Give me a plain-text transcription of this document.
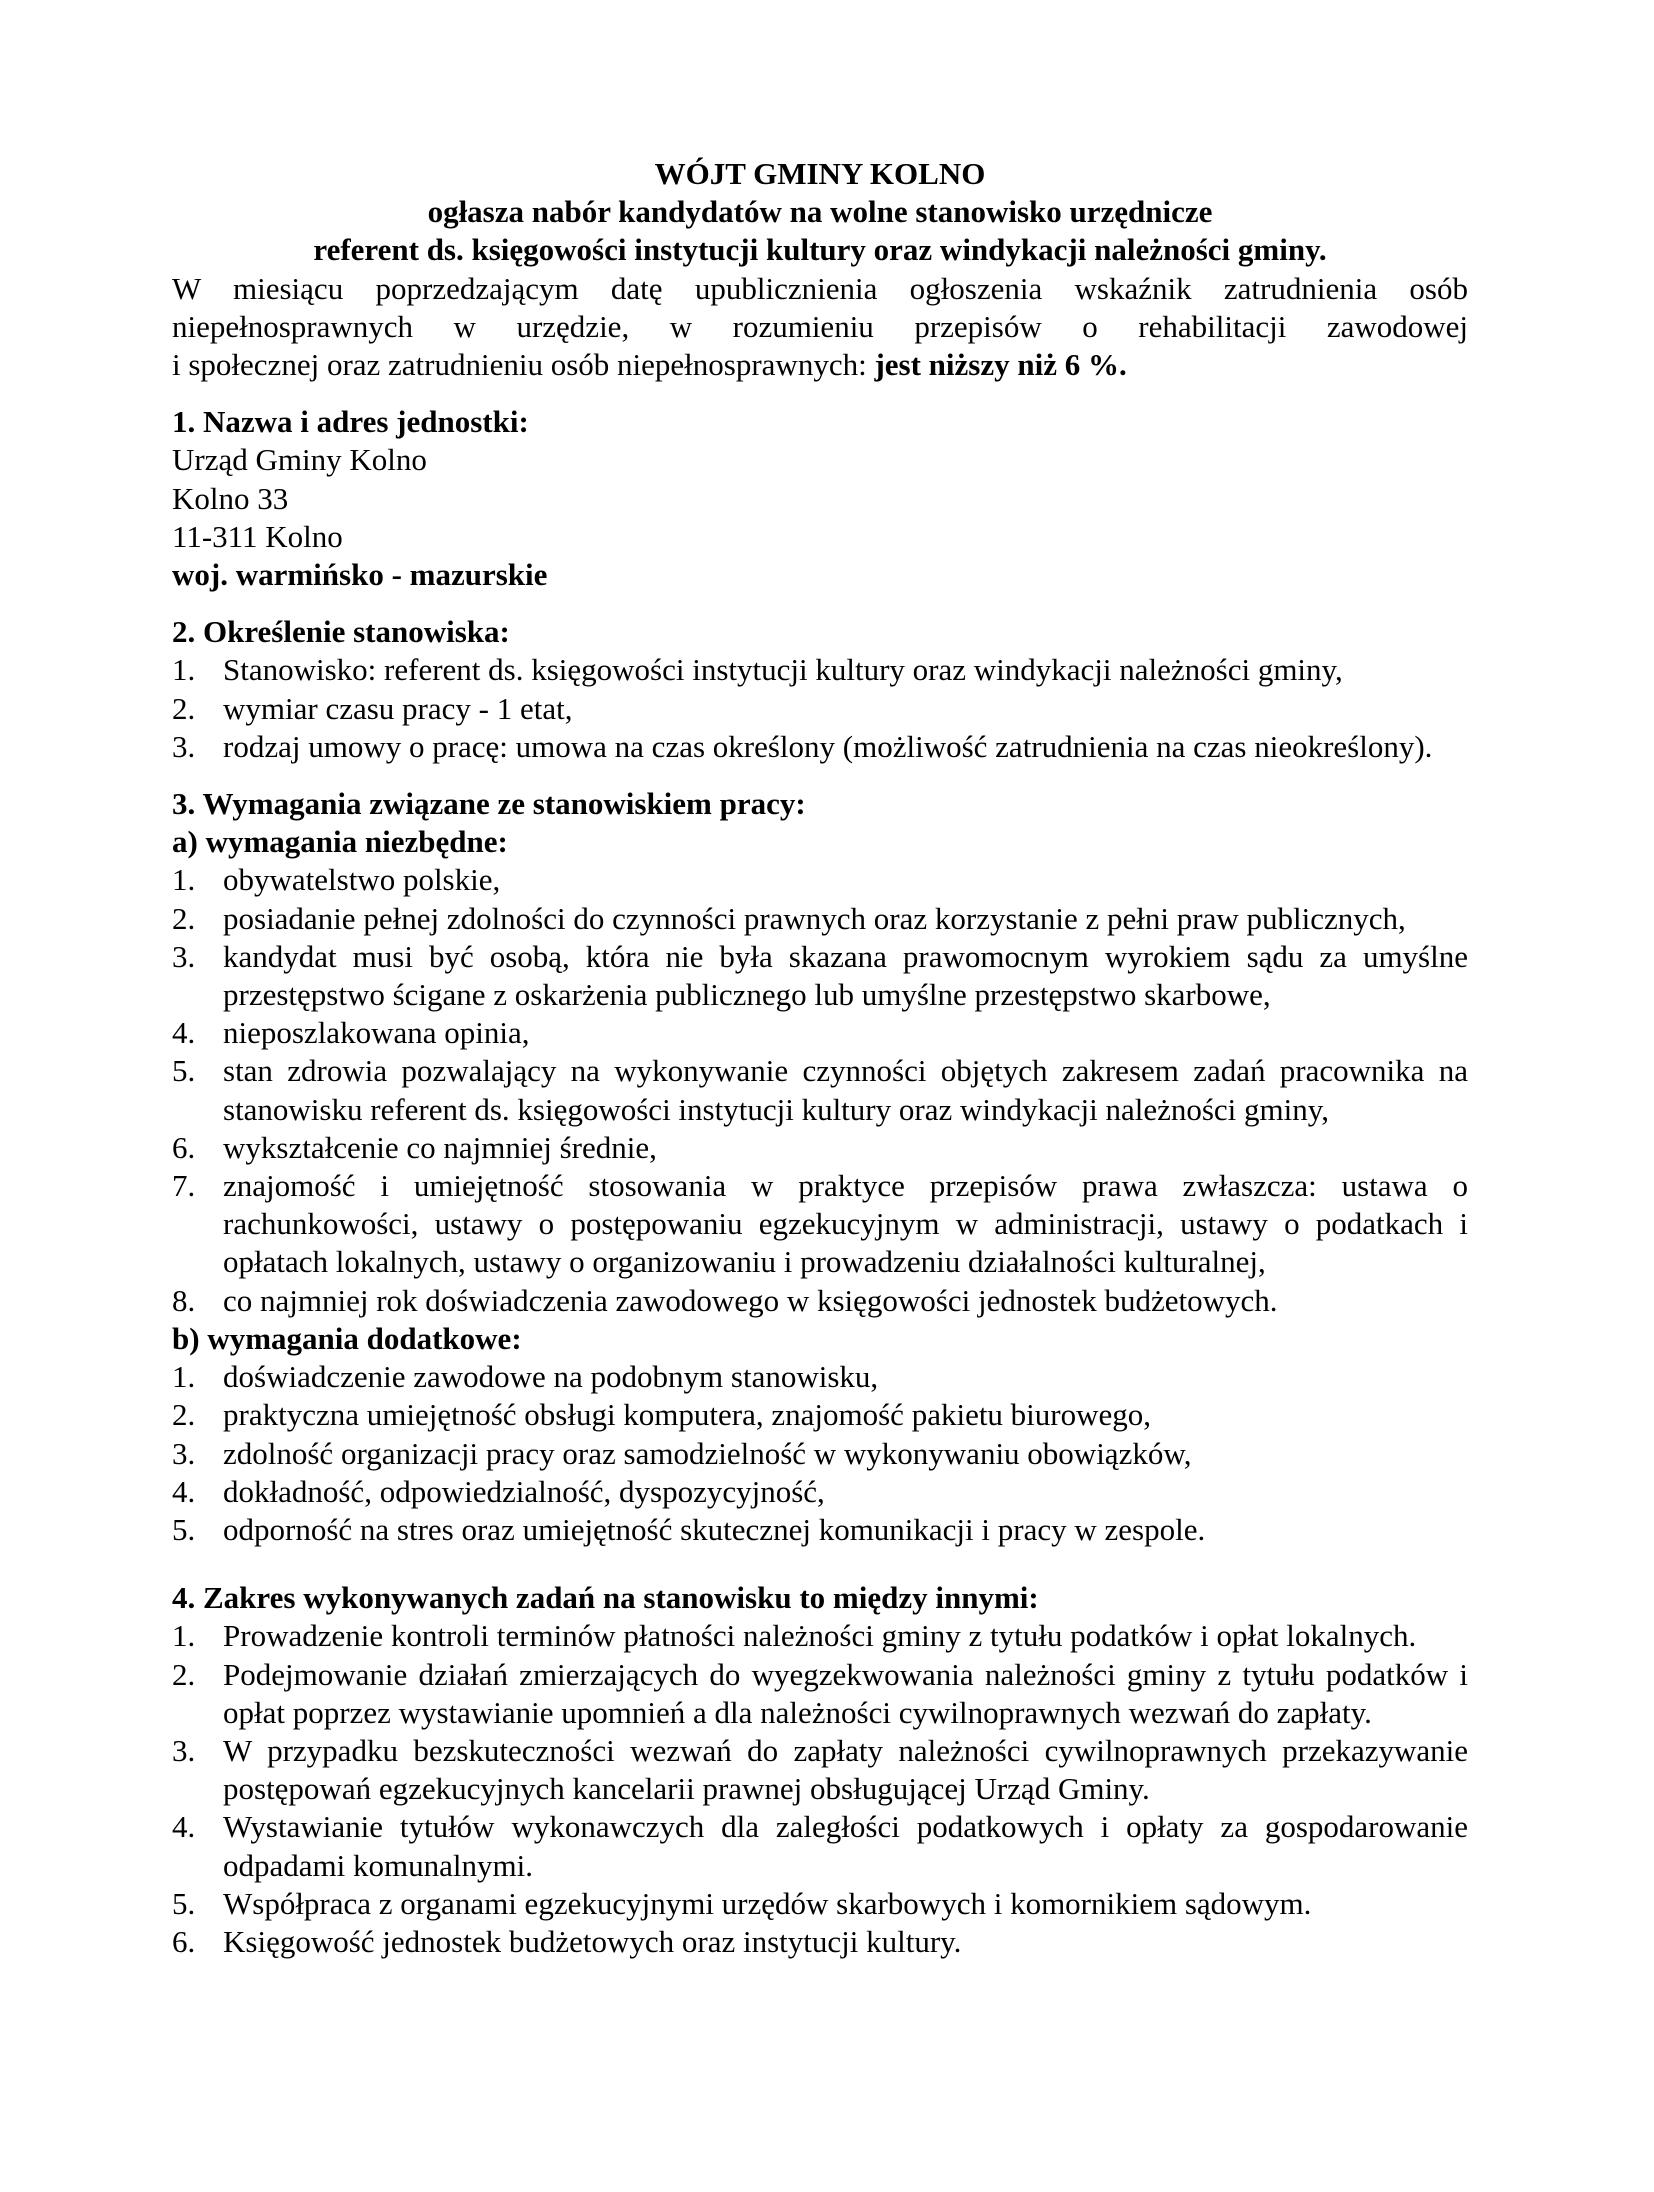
WÓJT GMINY KOLNO
ogłasza nabór kandydatów na wolne stanowisko urzędnicze
referent ds. księgowości instytucji kultury oraz windykacji należności gminy.
W miesiącu poprzedzającym datę upublicznienia ogłoszenia wskaźnik zatrudnienia osób
niepełnosprawnych w urzędzie, w rozumieniu przepisów o rehabilitacji zawodowej
i społecznej oraz zatrudnieniu osób niepełnosprawnych: jest niższy niż 6 %.
1. Nazwa i adres jednostki:
Urząd Gminy Kolno
Kolno 33
11-311 Kolno
woj. warmińsko - mazurskie
2. Określenie stanowiska:
1. Stanowisko: referent ds. księgowości instytucji kultury oraz windykacji należności gminy,
2. wymiar czasu pracy - 1 etat,
3. rodzaj umowy o pracę: umowa na czas określony (możliwość zatrudnienia na czas nieokreślony).
3. Wymagania związane ze stanowiskiem pracy:
a) wymagania niezbędne:
1. obywatelstwo polskie,
2. posiadanie pełnej zdolności do czynności prawnych oraz korzystanie z pełni praw publicznych,
3. kandydat musi być osobą, która nie była skazana prawomocnym wyrokiem sądu za umyślne przestępstwo ścigane z oskarżenia publicznego lub umyślne przestępstwo skarbowe,
4. nieposzlakowana opinia,
5. stan zdrowia pozwalający na wykonywanie czynności objętych zakresem zadań pracownika na stanowisku referent ds. księgowości instytucji kultury oraz windykacji należności gminy,
6. wykształcenie co najmniej średnie,
7. znajomość i umiejętność stosowania w praktyce przepisów prawa zwłaszcza: ustawa o rachunkowości, ustawy o postępowaniu egzekucyjnym w administracji, ustawy o podatkach i opłatach lokalnych, ustawy o organizowaniu i prowadzeniu działalności kulturalnej,
8. co najmniej rok doświadczenia zawodowego w księgowości jednostek budżetowych.
b) wymagania dodatkowe:
1. doświadczenie zawodowe na podobnym stanowisku,
2. praktyczna umiejętność obsługi komputera, znajomość pakietu biurowego,
3. zdolność organizacji pracy oraz samodzielność w wykonywaniu obowiązków,
4. dokładność, odpowiedzialność, dyspozycyjność,
5. odporność na stres oraz umiejętność skutecznej komunikacji i pracy w zespole.
4. Zakres wykonywanych zadań na stanowisku to między innymi:
1. Prowadzenie kontroli terminów płatności należności gminy z tytułu podatków i opłat lokalnych.
2. Podejmowanie działań zmierzających do wyegzekwowania należności gminy z tytułu podatków i opłat poprzez wystawianie upomnień a dla należności cywilnoprawnych wezwań do zapłaty.
3. W przypadku bezskuteczności wezwań do zapłaty należności cywilnoprawnych przekazywanie postępowań egzekucyjnych kancelarii prawnej obsługującej Urząd Gminy.
4. Wystawianie tytułów wykonawczych dla zaległości podatkowych i opłaty za gospodarowanie odpadami komunalnymi.
5. Współpraca z organami egzekucyjnymi urzędów skarbowych i komornikiem sądowym.
6. Księgowość jednostek budżetowych oraz instytucji kultury.
